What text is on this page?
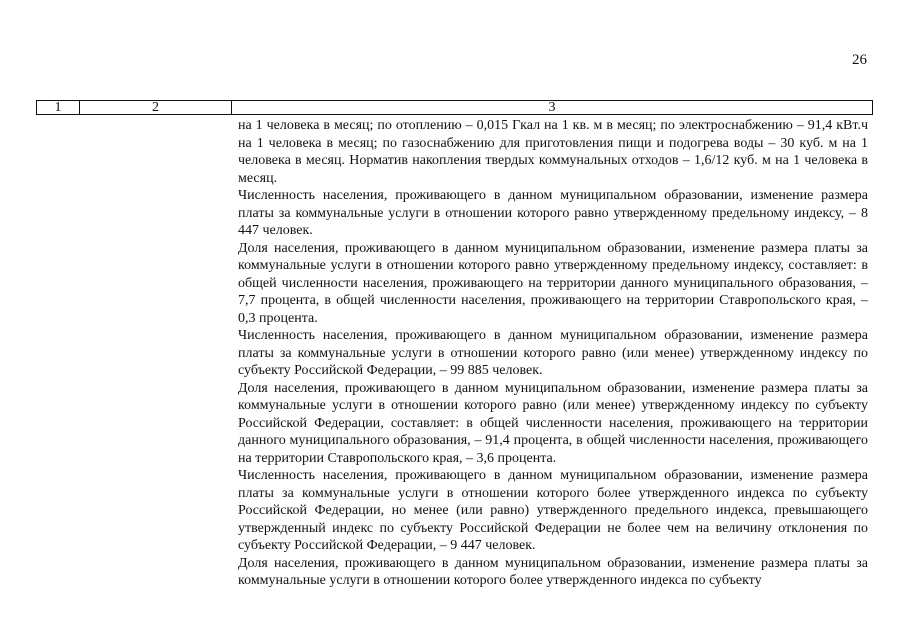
26
1	2	3

на 1 человека в месяц; по отоплению – 0,015 Гкал на 1 кв. м в месяц; по электроснабжению – 91,4 кВт.ч на 1 человека в месяц; по газоснабжению для приготовления пищи и подогрева воды – 30 куб. м на 1 человека в месяц. Норматив накопления твердых коммунальных отходов – 1,6/12 куб. м на 1 человека в месяц.

Численность населения, проживающего в данном муниципальном образовании, изменение размера платы за коммунальные услуги в отношении которого равно утвержденному предельному индексу, – 8 447 человек.

Доля населения, проживающего в данном муниципальном образовании, изменение размера платы за коммунальные услуги в отношении которого равно утвержденному предельному индексу, составляет: в общей численности населения, проживающего на территории данного муниципального образования, – 7,7 процента, в общей численности населения, проживающего на территории Ставропольского края, – 0,3 процента.

Численность населения, проживающего в данном муниципальном образовании, изменение размера платы за коммунальные услуги в отношении которого равно (или менее) утвержденному индексу по субъекту Российской Федерации, – 99 885 человек.

Доля населения, проживающего в данном муниципальном образовании, изменение размера платы за коммунальные услуги в отношении которого равно (или менее) утвержденному индексу по субъекту Российской Федерации, составляет: в общей численности населения, проживающего на территории данного муниципального образования, – 91,4 процента, в общей численности населения, проживающего на территории Ставропольского края, – 3,6 процента.

Численность населения, проживающего в данном муниципальном образовании, изменение размера платы за коммунальные услуги в отношении которого более утвержденного индекса по субъекту Российской Федерации, но менее (или равно) утвержденного предельного индекса, превышающего утвержденный индекс по субъекту Российской Федерации не более чем на величину отклонения по субъекту Российской Федерации, – 9 447 человек.

Доля населения, проживающего в данном муниципальном образовании, изменение размера платы за коммунальные услуги в отношении которого более утвержденного индекса по субъекту
